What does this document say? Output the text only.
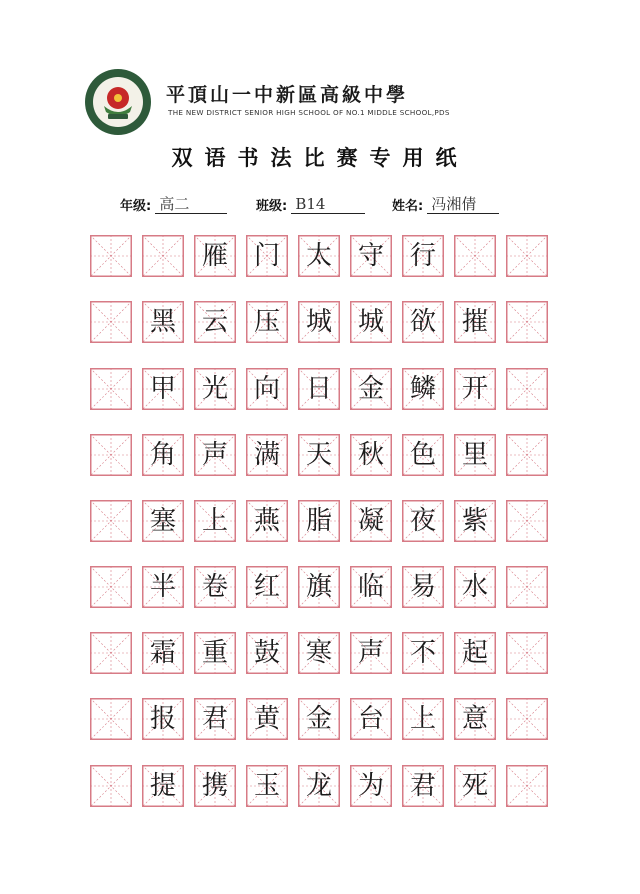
平頂山一中新區高級中學
THE NEW DISTRICT SENIOR HIGH SCHOOL OF NO.1 MIDDLE SCHOOL,PDS
双语书法比赛专用纸
年级: 高二	班级: B14	姓名: 冯湘倩
雁 门 太 守 行
黑 云 压 城 城 欲 摧
甲 光 向 日 金 鳞 开
角 声 满 天 秋 色 里
塞 上 燕 脂 凝 夜 紫
半 卷 红 旗 临 易 水
霜 重 鼓 寒 声 不 起
报 君 黄 金 台 上 意
提 携 玉 龙 为 君 死
